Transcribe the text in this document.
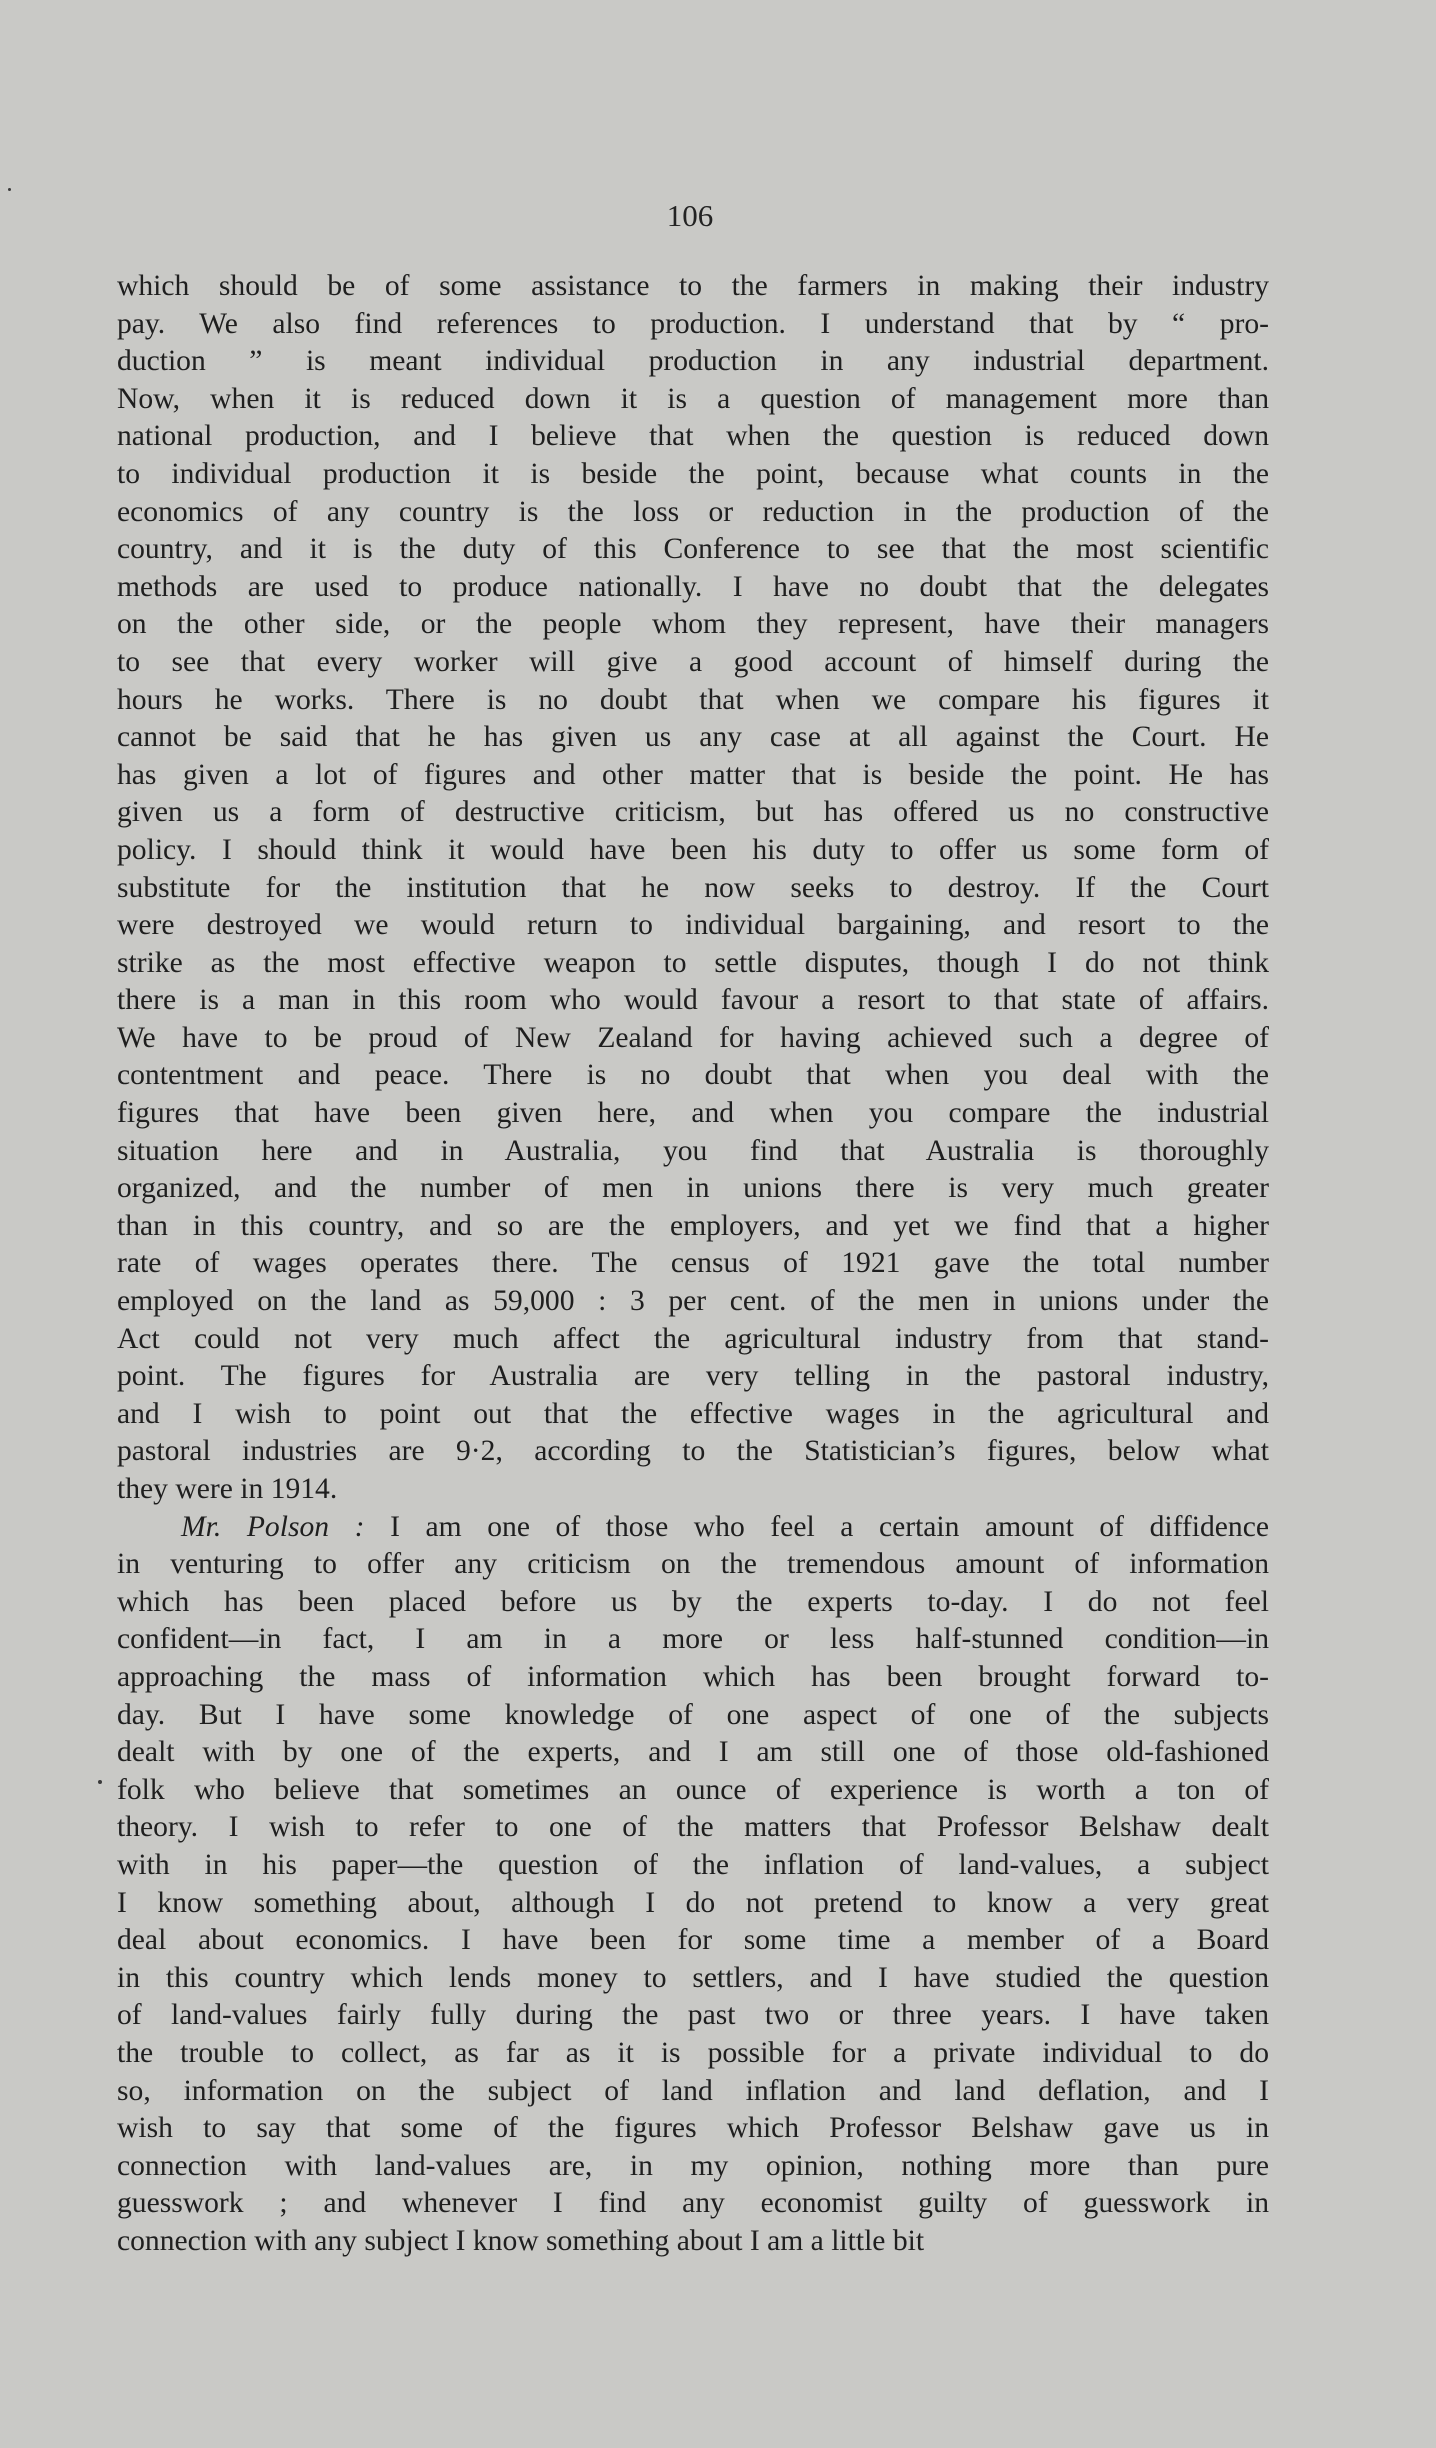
106
which should be of some assistance to the farmers in making their industry
pay. We also find references to production. I understand that by “ pro-
duction ” is meant individual production in any industrial department.
Now, when it is reduced down it is a question of management more than
national production, and I believe that when the question is reduced down
to individual production it is beside the point, because what counts in the
economics of any country is the loss or reduction in the production of the
country, and it is the duty of this Conference to see that the most scientific
methods are used to produce nationally. I have no doubt that the delegates
on the other side, or the people whom they represent, have their managers
to see that every worker will give a good account of himself during the
hours he works. There is no doubt that when we compare his figures it
cannot be said that he has given us any case at all against the Court. He
has given a lot of figures and other matter that is beside the point. He has
given us a form of destructive criticism, but has offered us no constructive
policy. I should think it would have been his duty to offer us some form of
substitute for the institution that he now seeks to destroy. If the Court
were destroyed we would return to individual bargaining, and resort to the
strike as the most effective weapon to settle disputes, though I do not think
there is a man in this room who would favour a resort to that state of affairs.
We have to be proud of New Zealand for having achieved such a degree of
contentment and peace. There is no doubt that when you deal with the
figures that have been given here, and when you compare the industrial
situation here and in Australia, you find that Australia is thoroughly
organized, and the number of men in unions there is very much greater
than in this country, and so are the employers, and yet we find that a higher
rate of wages operates there. The census of 1921 gave the total number
employed on the land as 59,000 : 3 per cent. of the men in unions under the
Act could not very much affect the agricultural industry from that stand-
point. The figures for Australia are very telling in the pastoral industry,
and I wish to point out that the effective wages in the agricultural and
pastoral industries are 9·2, according to the Statistician’s figures, below what
they were in 1914.
Mr. Polson : I am one of those who feel a certain amount of diffidence
in venturing to offer any criticism on the tremendous amount of information
which has been placed before us by the experts to-day. I do not feel
confident—in fact, I am in a more or less half-stunned condition—in
approaching the mass of information which has been brought forward to-
day. But I have some knowledge of one aspect of one of the subjects
dealt with by one of the experts, and I am still one of those old-fashioned
folk who believe that sometimes an ounce of experience is worth a ton of
theory. I wish to refer to one of the matters that Professor Belshaw dealt
with in his paper—the question of the inflation of land-values, a subject
I know something about, although I do not pretend to know a very great
deal about economics. I have been for some time a member of a Board
in this country which lends money to settlers, and I have studied the question
of land-values fairly fully during the past two or three years. I have taken
the trouble to collect, as far as it is possible for a private individual to do
so, information on the subject of land inflation and land deflation, and I
wish to say that some of the figures which Professor Belshaw gave us in
connection with land-values are, in my opinion, nothing more than pure
guesswork ; and whenever I find any economist guilty of guesswork in
connection with any subject I know something about I am a little bit
